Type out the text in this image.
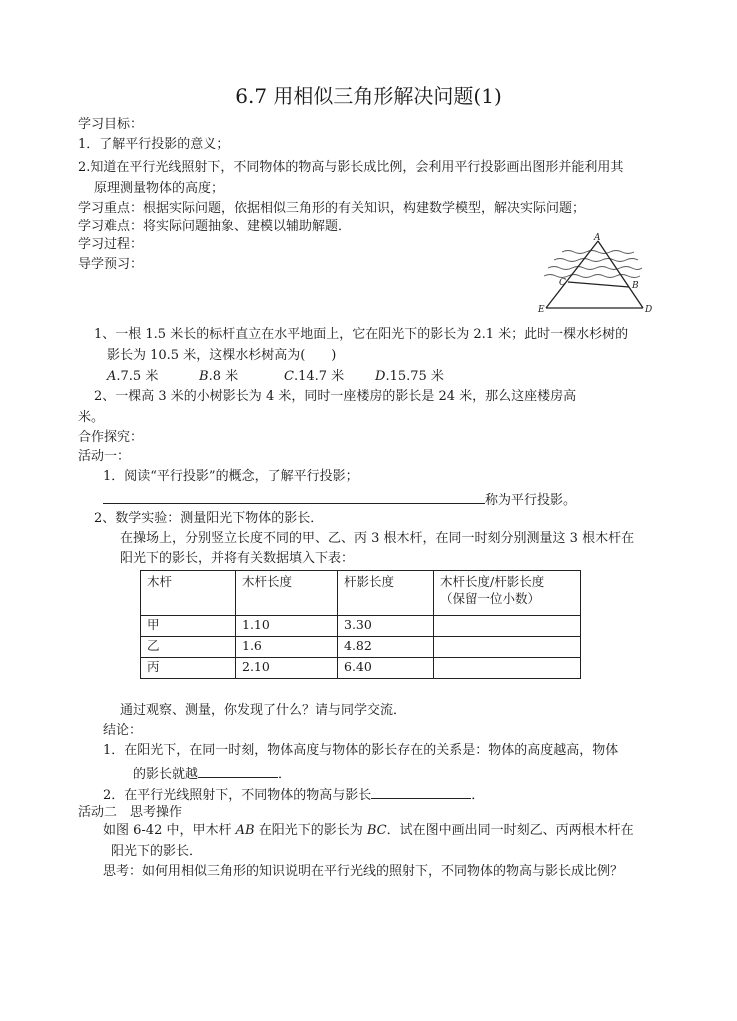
6.7 用相似三角形解决问题(1)
学习目标：
1．了解平行投影的意义；
2.知道在平行光线照射下，不同物体的物高与影长成比例，会利用平行投影画出图形并能利用其
原理测量物体的高度；
学习重点：根据实际问题，依据相似三角形的有关知识，构建数学模型，解决实际问题；
学习难点：将实际问题抽象、建模以辅助解题．
学习过程：
导学预习：
A
C	B
E	D
1、一根 1.5 米长的标杆直立在水平地面上，它在阳光下的影长为 2.1 米；此时一棵水杉树的
影长为 10.5 米，这棵水杉树高为(　　)
A.7.5 米	B.8 米	C.14.7 米 D.15.75 米
2、一棵高 3 米的小树影长为 4 米，同时一座楼房的影长是 24 米，那么这座楼房高
米。
合作探究：
活动一：
1．阅读“平行投影”的概念，了解平行投影；
称为平行投影。
2、数学实验：测量阳光下物体的影长．
在操场上，分别竖立长度不同的甲、乙、丙 3 根木杆，在同一时刻分别测量这 3 根木杆在
阳光下的影长，并将有关数据填入下表：
木杆	木杆长度	杆影长度	木杆长度/杆影长度
（保留一位小数）

甲	1.10	3.30	
乙	1.6	4.82	
丙	2.10	6.40	
通过观察、测量，你发现了什么？请与同学交流．
结论：
1．在阳光下，在同一时刻，物体高度与物体的影长存在的关系是：物体的高度越高，物体
的影长就越	．
2．在平行光线照射下，不同物体的物高与影长	．
活动二　思考操作
如图 6-42 中，甲木杆 AB 在阳光下的影长为 BC．试在图中画出同一时刻乙、丙两根木杆在
阳光下的影长．
思考：如何用相似三角形的知识说明在平行光线的照射下，不同物体的物高与影长成比例？
